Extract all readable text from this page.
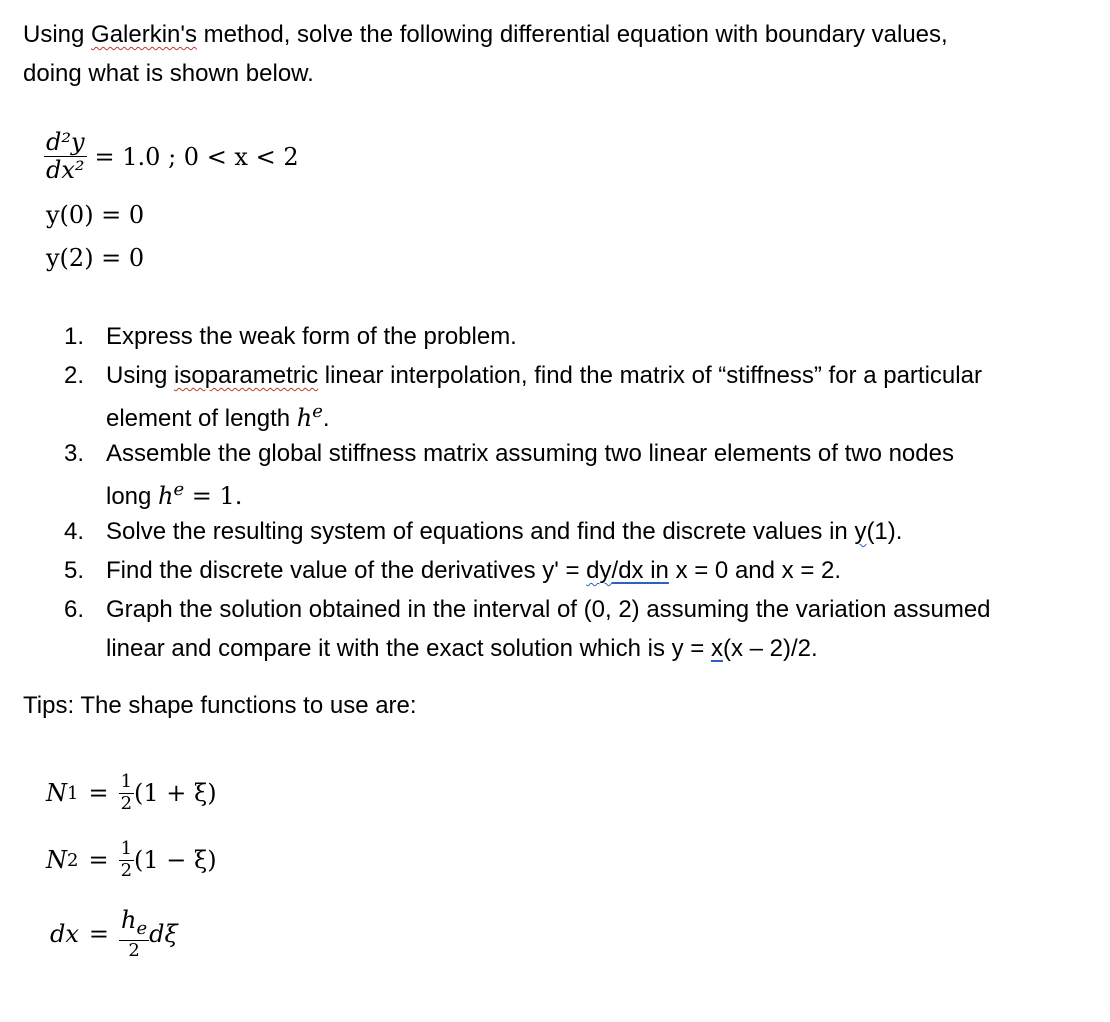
Using Galerkin's method, solve the following differential equation with boundary values,
doing what is shown below.
$\frac{\text{d²y}}{\text{dx²}} = 1.0$ ; 0 < x < 2
y(0) = 0
y(2) = 0
1. Express the weak form of the problem.
2. Using isoparametric linear interpolation, find the matrix of “stiffness” for a particular
element of length $h^e$.
3. Assemble the global stiffness matrix assuming two linear elements of two nodes
long $h^e = 1$.
4. Solve the resulting system of equations and find the discrete values in y(1).
5. Find the discrete value of the derivatives y' = dy/dx in x = 0 and x = 2.
6. Graph the solution obtained in the interval of (0, 2) assuming the variation assumed
linear and compare it with the exact solution which is y = x(x – 2)/2.
Tips: The shape functions to use are:
N $1 = \frac{1}{2} (1 + \xi)$
N $2 = \frac{1}{2} (1 - \xi)$
dx = $\frac{h_e}{2}$ dξ
